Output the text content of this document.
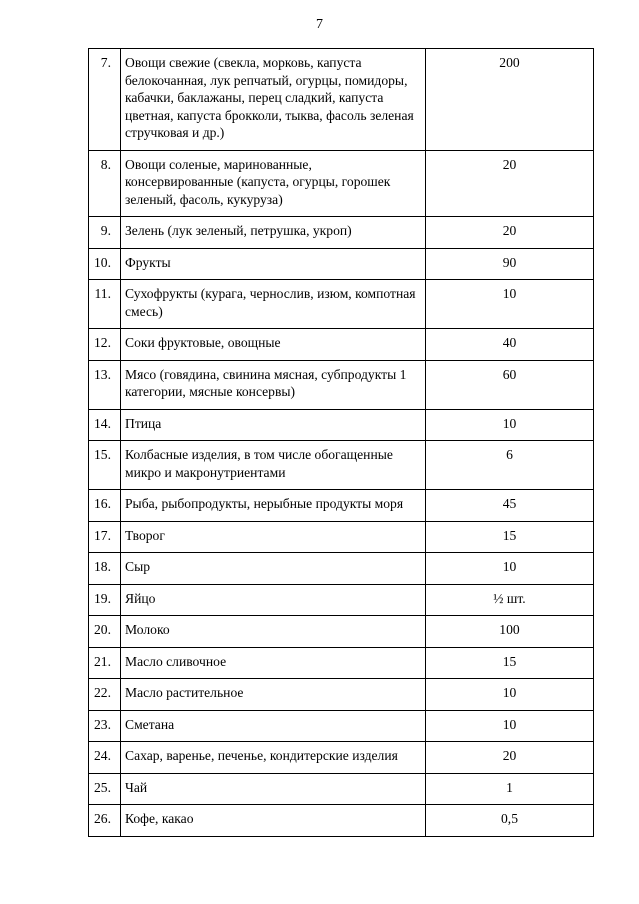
7
7.	Овощи свежие (свекла, морковь, капуста белокочанная, лук репчатый, огурцы, помидоры, кабачки, баклажаны, перец сладкий, капуста цветная, капуста брокколи, тыква, фасоль зеленая стручковая и др.)	200
8.	Овощи соленые, маринованные, консервированные (капуста, огурцы, горошек зеленый, фасоль, кукуруза)	20
9.	Зелень (лук зеленый, петрушка, укроп)	20
10.	Фрукты	90
11.	Сухофрукты (курага, чернослив, изюм, компотная смесь)	10
12.	Соки фруктовые, овощные	40
13.	Мясо (говядина, свинина мясная, субпродукты 1 категории, мясные консервы)	60
14.	Птица	10
15.	Колбасные изделия, в том числе обогащенные микро и макронутриентами	6
16.	Рыба, рыбопродукты, нерыбные продукты моря	45
17.	Творог	15
18.	Сыр	10
19.	Яйцо	½ шт.
20.	Молоко	100
21.	Масло сливочное	15
22.	Масло растительное	10
23.	Сметана	10
24.	Сахар, варенье, печенье, кондитерские изделия	20
25.	Чай	1
26.	Кофе, какао	0,5
